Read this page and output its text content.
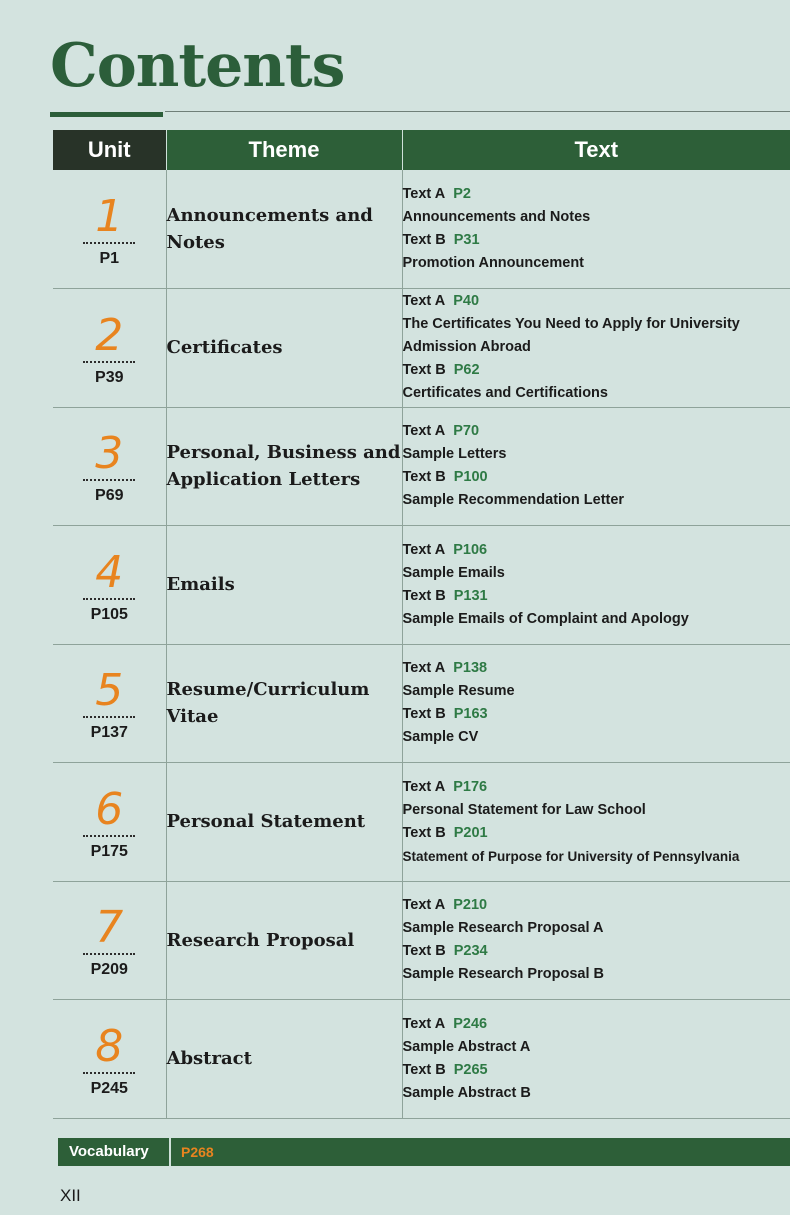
Contents
Unit	Theme	Text

1
P1	Announcements and Notes	Text A P2
Announcements and Notes
Text B P31
Promotion Announcement

2
P39	Certificates	Text A P40
The Certificates You Need to Apply for University Admission Abroad
Text B P62
Certificates and Certifications

3
P69	Personal, Business and Application Letters	Text A P70
Sample Letters
Text B P100
Sample Recommendation Letter

4
P105	Emails	Text A P106
Sample Emails
Text B P131
Sample Emails of Complaint and Apology

5
P137	Resume/Curriculum Vitae	Text A P138
Sample Resume
Text B P163
Sample CV

6
P175	Personal Statement	Text A P176
Personal Statement for Law School
Text B P201
Statement of Purpose for University of Pennsylvania

7
P209	Research Proposal	Text A P210
Sample Research Proposal A
Text B P234
Sample Research Proposal B

8
P245	Abstract	Text A P246
Sample Abstract A
Text B P265
Sample Abstract B
Vocabulary P268
XII
